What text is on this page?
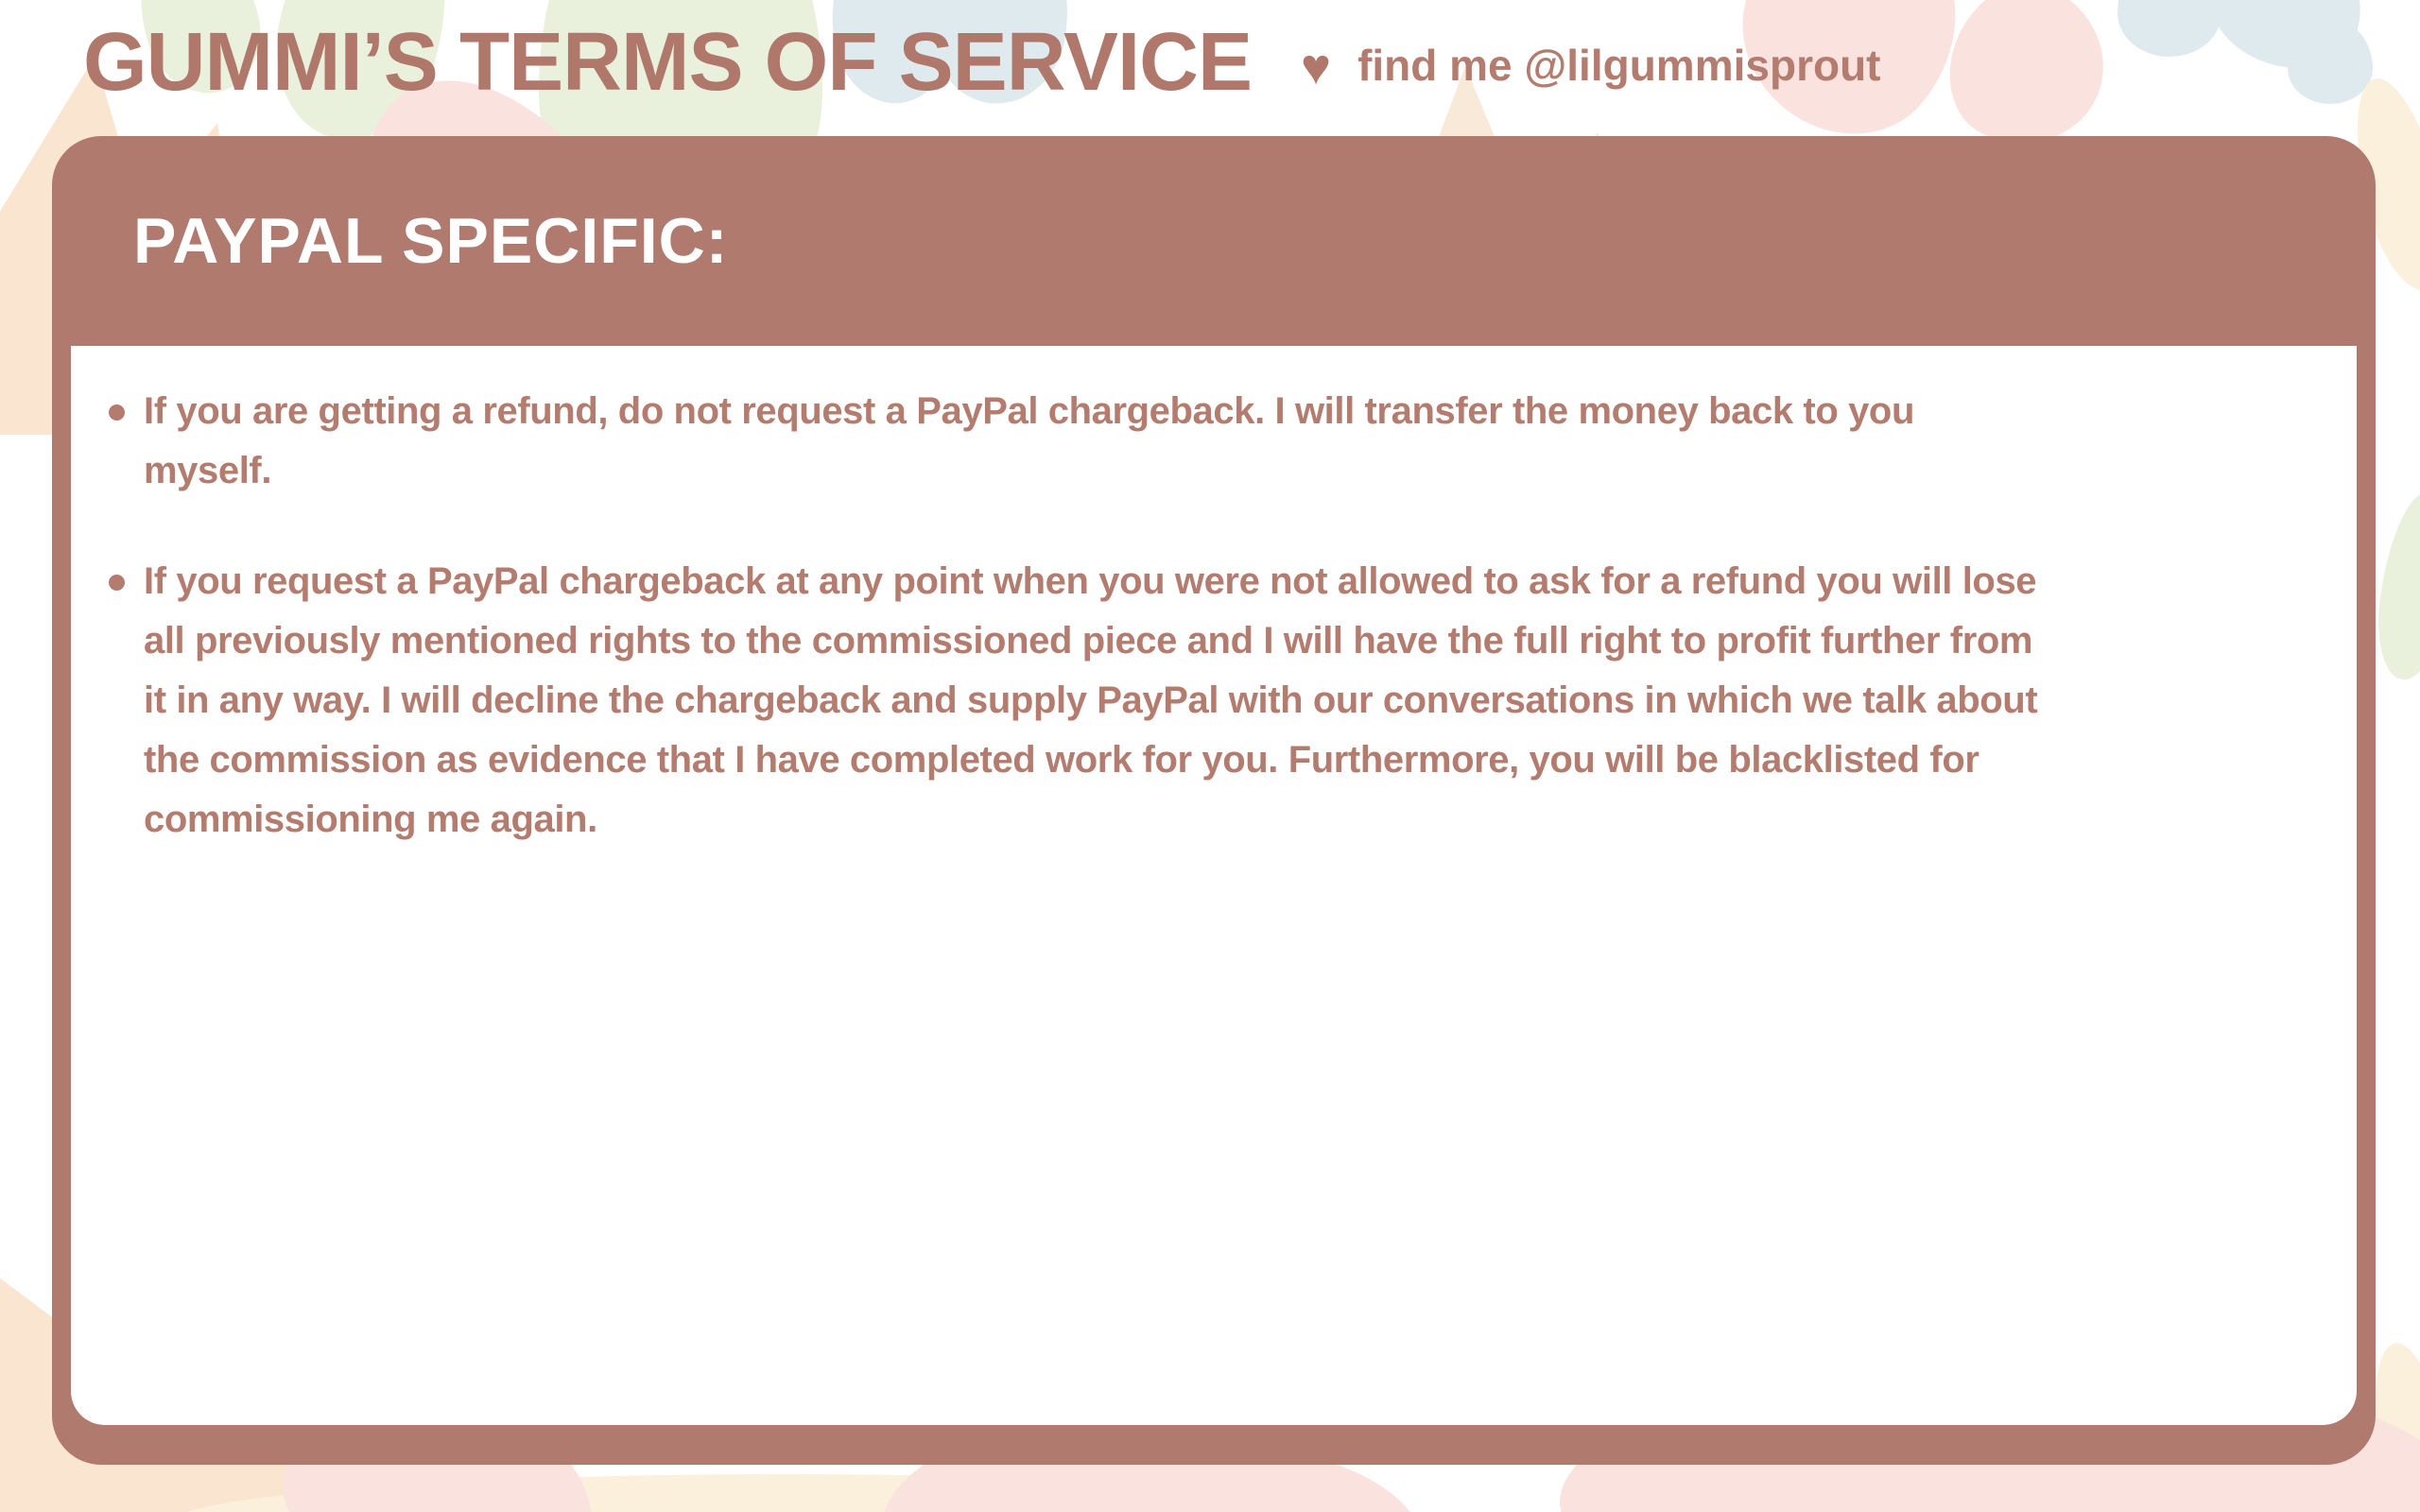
GUMMI’S TERMS OF SERVICE ♥ find me @lilgummisprout
PAYPAL SPECIFIC:
If you are getting a refund, do not request a PayPal chargeback. I will transfer the money back to you
myself.
If you request a PayPal chargeback at any point when you were not allowed to ask for a refund you will lose
all previously mentioned rights to the commissioned piece and I will have the full right to profit further from
it in any way. I will decline the chargeback and supply PayPal with our conversations in which we talk about
the commission as evidence that I have completed work for you. Furthermore, you will be blacklisted for
commissioning me again.
